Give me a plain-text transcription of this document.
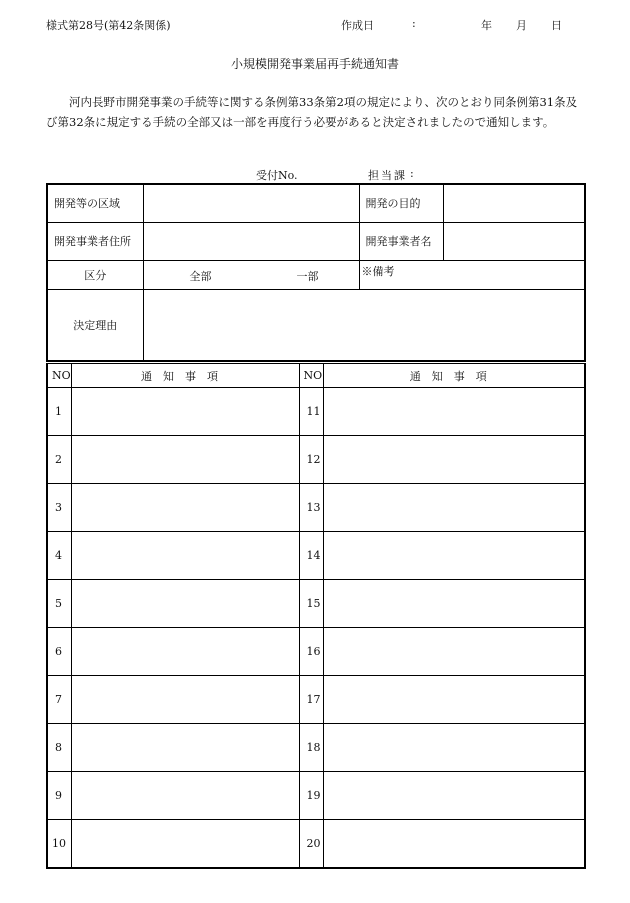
様式第28号(第42条関係)	作成日	:	年 月 日
小規模開発事業届再手続通知書
河内長野市開発事業の手続等に関する条例第33条第2項の規定により、次のとおり同条例第31条及び第32条に規定する手続の全部又は一部を再度行う必要があると決定されましたので通知します。
受付No.	担当課 :
開発等の区域		開発の目的	
開発事業者住所		開発事業者名	
区分	全部 一部	※備考	
決定理由			
NO	通知事項	NO	通知事項
1		11	
2		12	
3		13	
4		14	
5		15	
6		16	
7		17	
8		18	
9		19	
10		20	
